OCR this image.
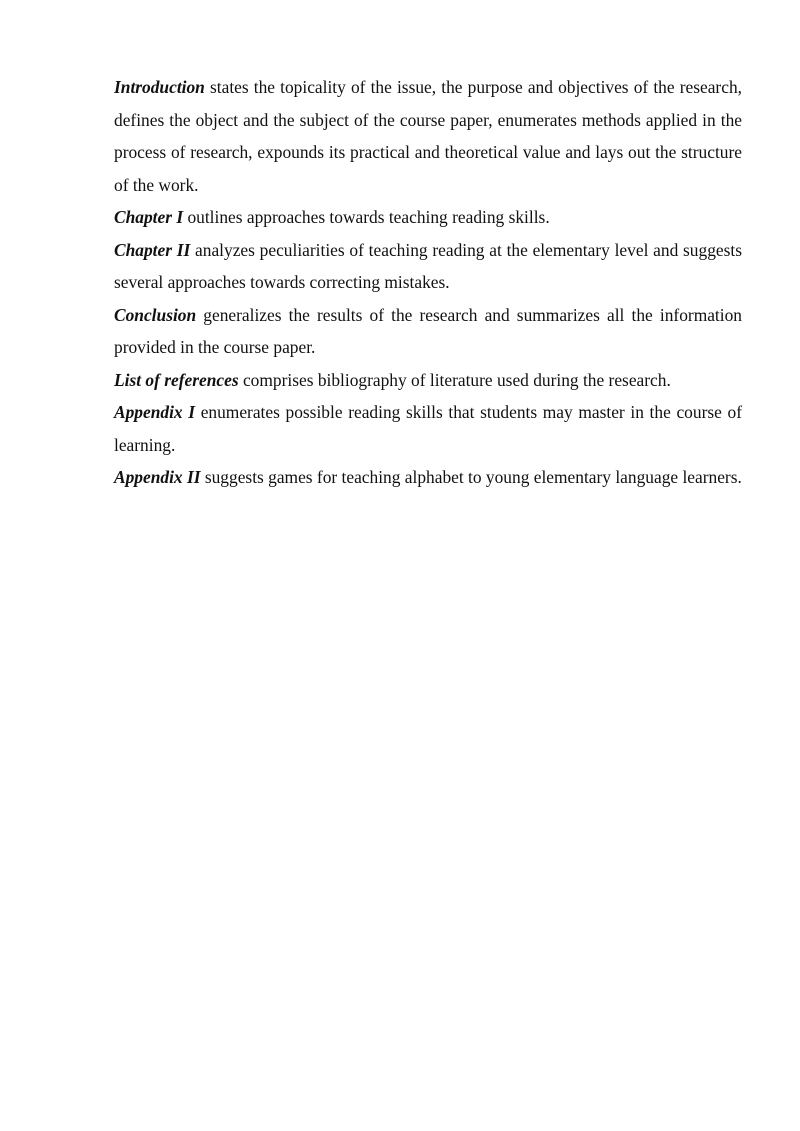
Introduction states the topicality of the issue, the purpose and objectives of the research, defines the object and the subject of the course paper, enumerates methods applied in the process of research, expounds its practical and theoretical value and lays out the structure of the work.

Chapter I outlines approaches towards teaching reading skills.

Chapter II analyzes peculiarities of teaching reading at the elementary level and suggests several approaches towards correcting mistakes.

Conclusion generalizes the results of the research and summarizes all the information provided in the course paper.

List of references comprises bibliography of literature used during the research.

Appendix I enumerates possible reading skills that students may master in the course of learning.

Appendix II suggests games for teaching alphabet to young elementary language learners.
